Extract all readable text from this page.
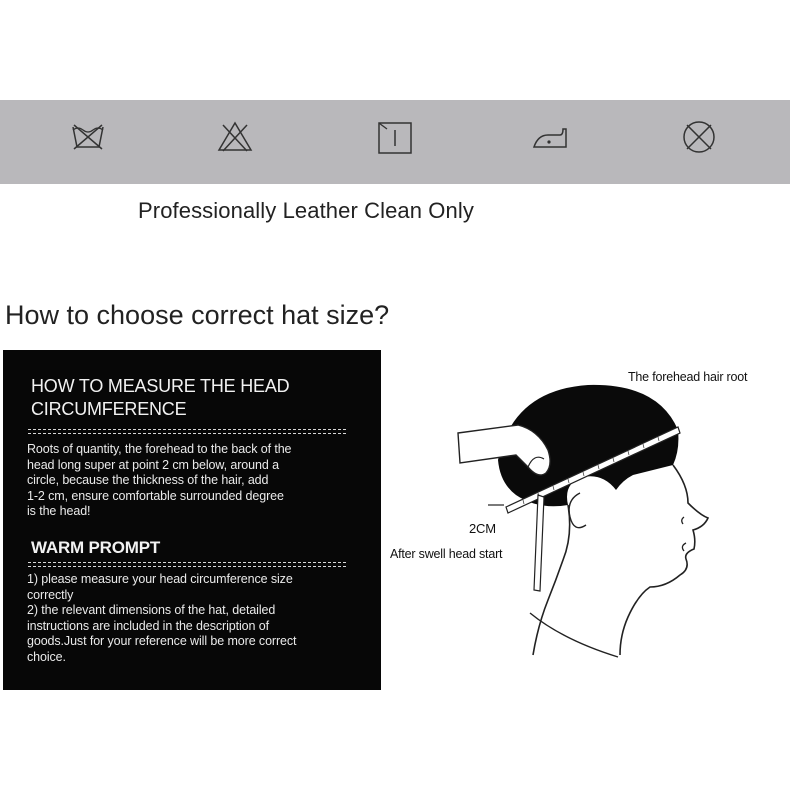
Professionally Leather Clean Only
How to choose correct hat size?
HOW TO MEASURE THE HEAD
CIRCUMFERENCE
Roots of quantity, the forehead to the back of the
head long super at point 2 cm below, around a
circle, because the thickness of the hair, add
1-2 cm, ensure comfortable surrounded degree
is the head!
WARM PROMPT
1) please measure your head circumference size
correctly
2) the relevant dimensions of the hat, detailed
instructions are included in the description of
goods.Just for your reference will be more correct
choice.
The forehead hair root
2CM
After swell head start
